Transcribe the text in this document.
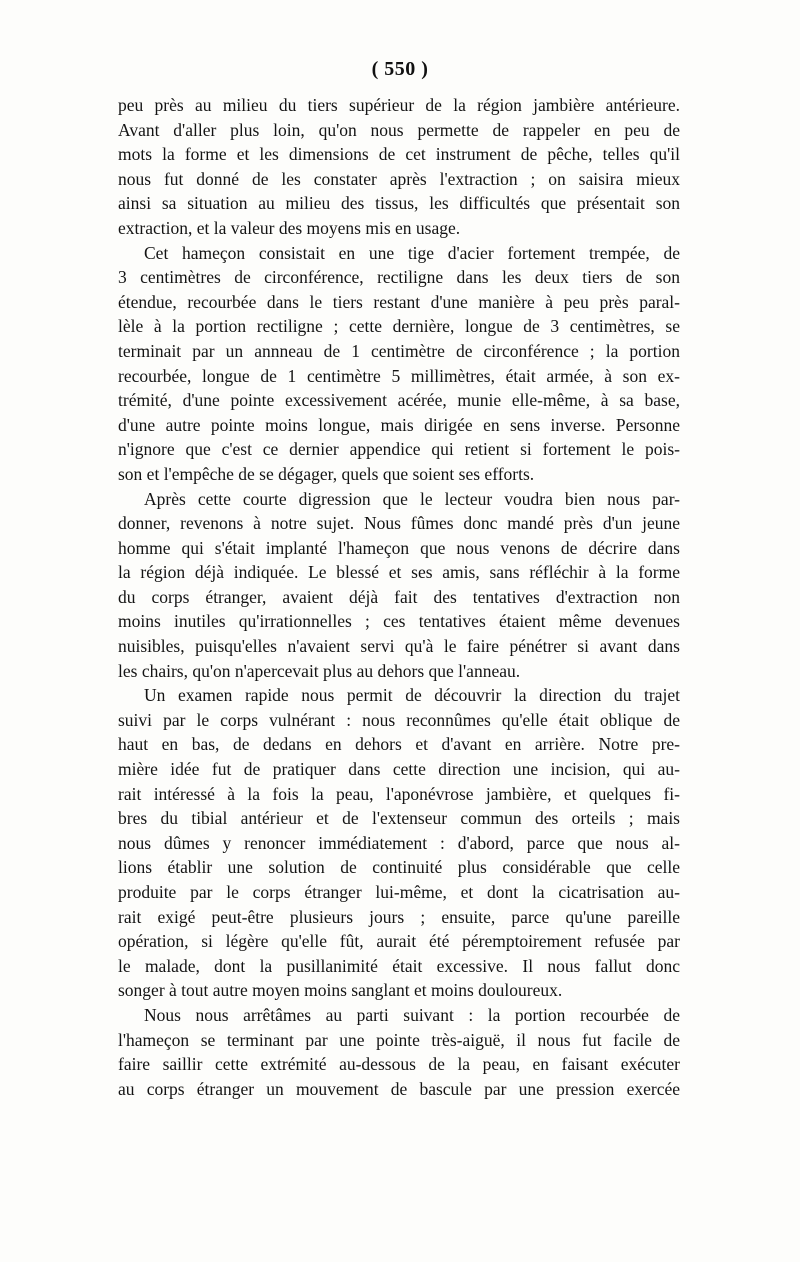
( 550 )
peu près au milieu du tiers supérieur de la région jambière antérieure.
Avant d'aller plus loin, qu'on nous permette de rappeler en peu de
mots la forme et les dimensions de cet instrument de pêche, telles qu'il
nous fut donné de les constater après l'extraction ; on saisira mieux
ainsi sa situation au milieu des tissus, les difficultés que présentait son
extraction, et la valeur des moyens mis en usage.
Cet hameçon consistait en une tige d'acier fortement trempée, de
3 centimètres de circonférence, rectiligne dans les deux tiers de son
étendue, recourbée dans le tiers restant d'une manière à peu près paral-
lèle à la portion rectiligne ; cette dernière, longue de 3 centimètres, se
terminait par un annneau de 1 centimètre de circonférence ; la portion
recourbée, longue de 1 centimètre 5 millimètres, était armée, à son ex-
trémité, d'une pointe excessivement acérée, munie elle-même, à sa base,
d'une autre pointe moins longue, mais dirigée en sens inverse. Personne
n'ignore que c'est ce dernier appendice qui retient si fortement le pois-
son et l'empêche de se dégager, quels que soient ses efforts.
Après cette courte digression que le lecteur voudra bien nous par-
donner, revenons à notre sujet. Nous fûmes donc mandé près d'un jeune
homme qui s'était implanté l'hameçon que nous venons de décrire dans
la région déjà indiquée. Le blessé et ses amis, sans réfléchir à la forme
du corps étranger, avaient déjà fait des tentatives d'extraction non
moins inutiles qu'irrationnelles ; ces tentatives étaient même devenues
nuisibles, puisqu'elles n'avaient servi qu'à le faire pénétrer si avant dans
les chairs, qu'on n'apercevait plus au dehors que l'anneau.
Un examen rapide nous permit de découvrir la direction du trajet
suivi par le corps vulnérant : nous reconnûmes qu'elle était oblique de
haut en bas, de dedans en dehors et d'avant en arrière. Notre pre-
mière idée fut de pratiquer dans cette direction une incision, qui au-
rait intéressé à la fois la peau, l'aponévrose jambière, et quelques fi-
bres du tibial antérieur et de l'extenseur commun des orteils ; mais
nous dûmes y renoncer immédiatement : d'abord, parce que nous al-
lions établir une solution de continuité plus considérable que celle
produite par le corps étranger lui-même, et dont la cicatrisation au-
rait exigé peut-être plusieurs jours ; ensuite, parce qu'une pareille
opération, si légère qu'elle fût, aurait été péremptoirement refusée par
le malade, dont la pusillanimité était excessive. Il nous fallut donc
songer à tout autre moyen moins sanglant et moins douloureux.
Nous nous arrêtâmes au parti suivant : la portion recourbée de
l'hameçon se terminant par une pointe très-aiguë, il nous fut facile de
faire saillir cette extrémité au-dessous de la peau, en faisant exécuter
au corps étranger un mouvement de bascule par une pression exercée
